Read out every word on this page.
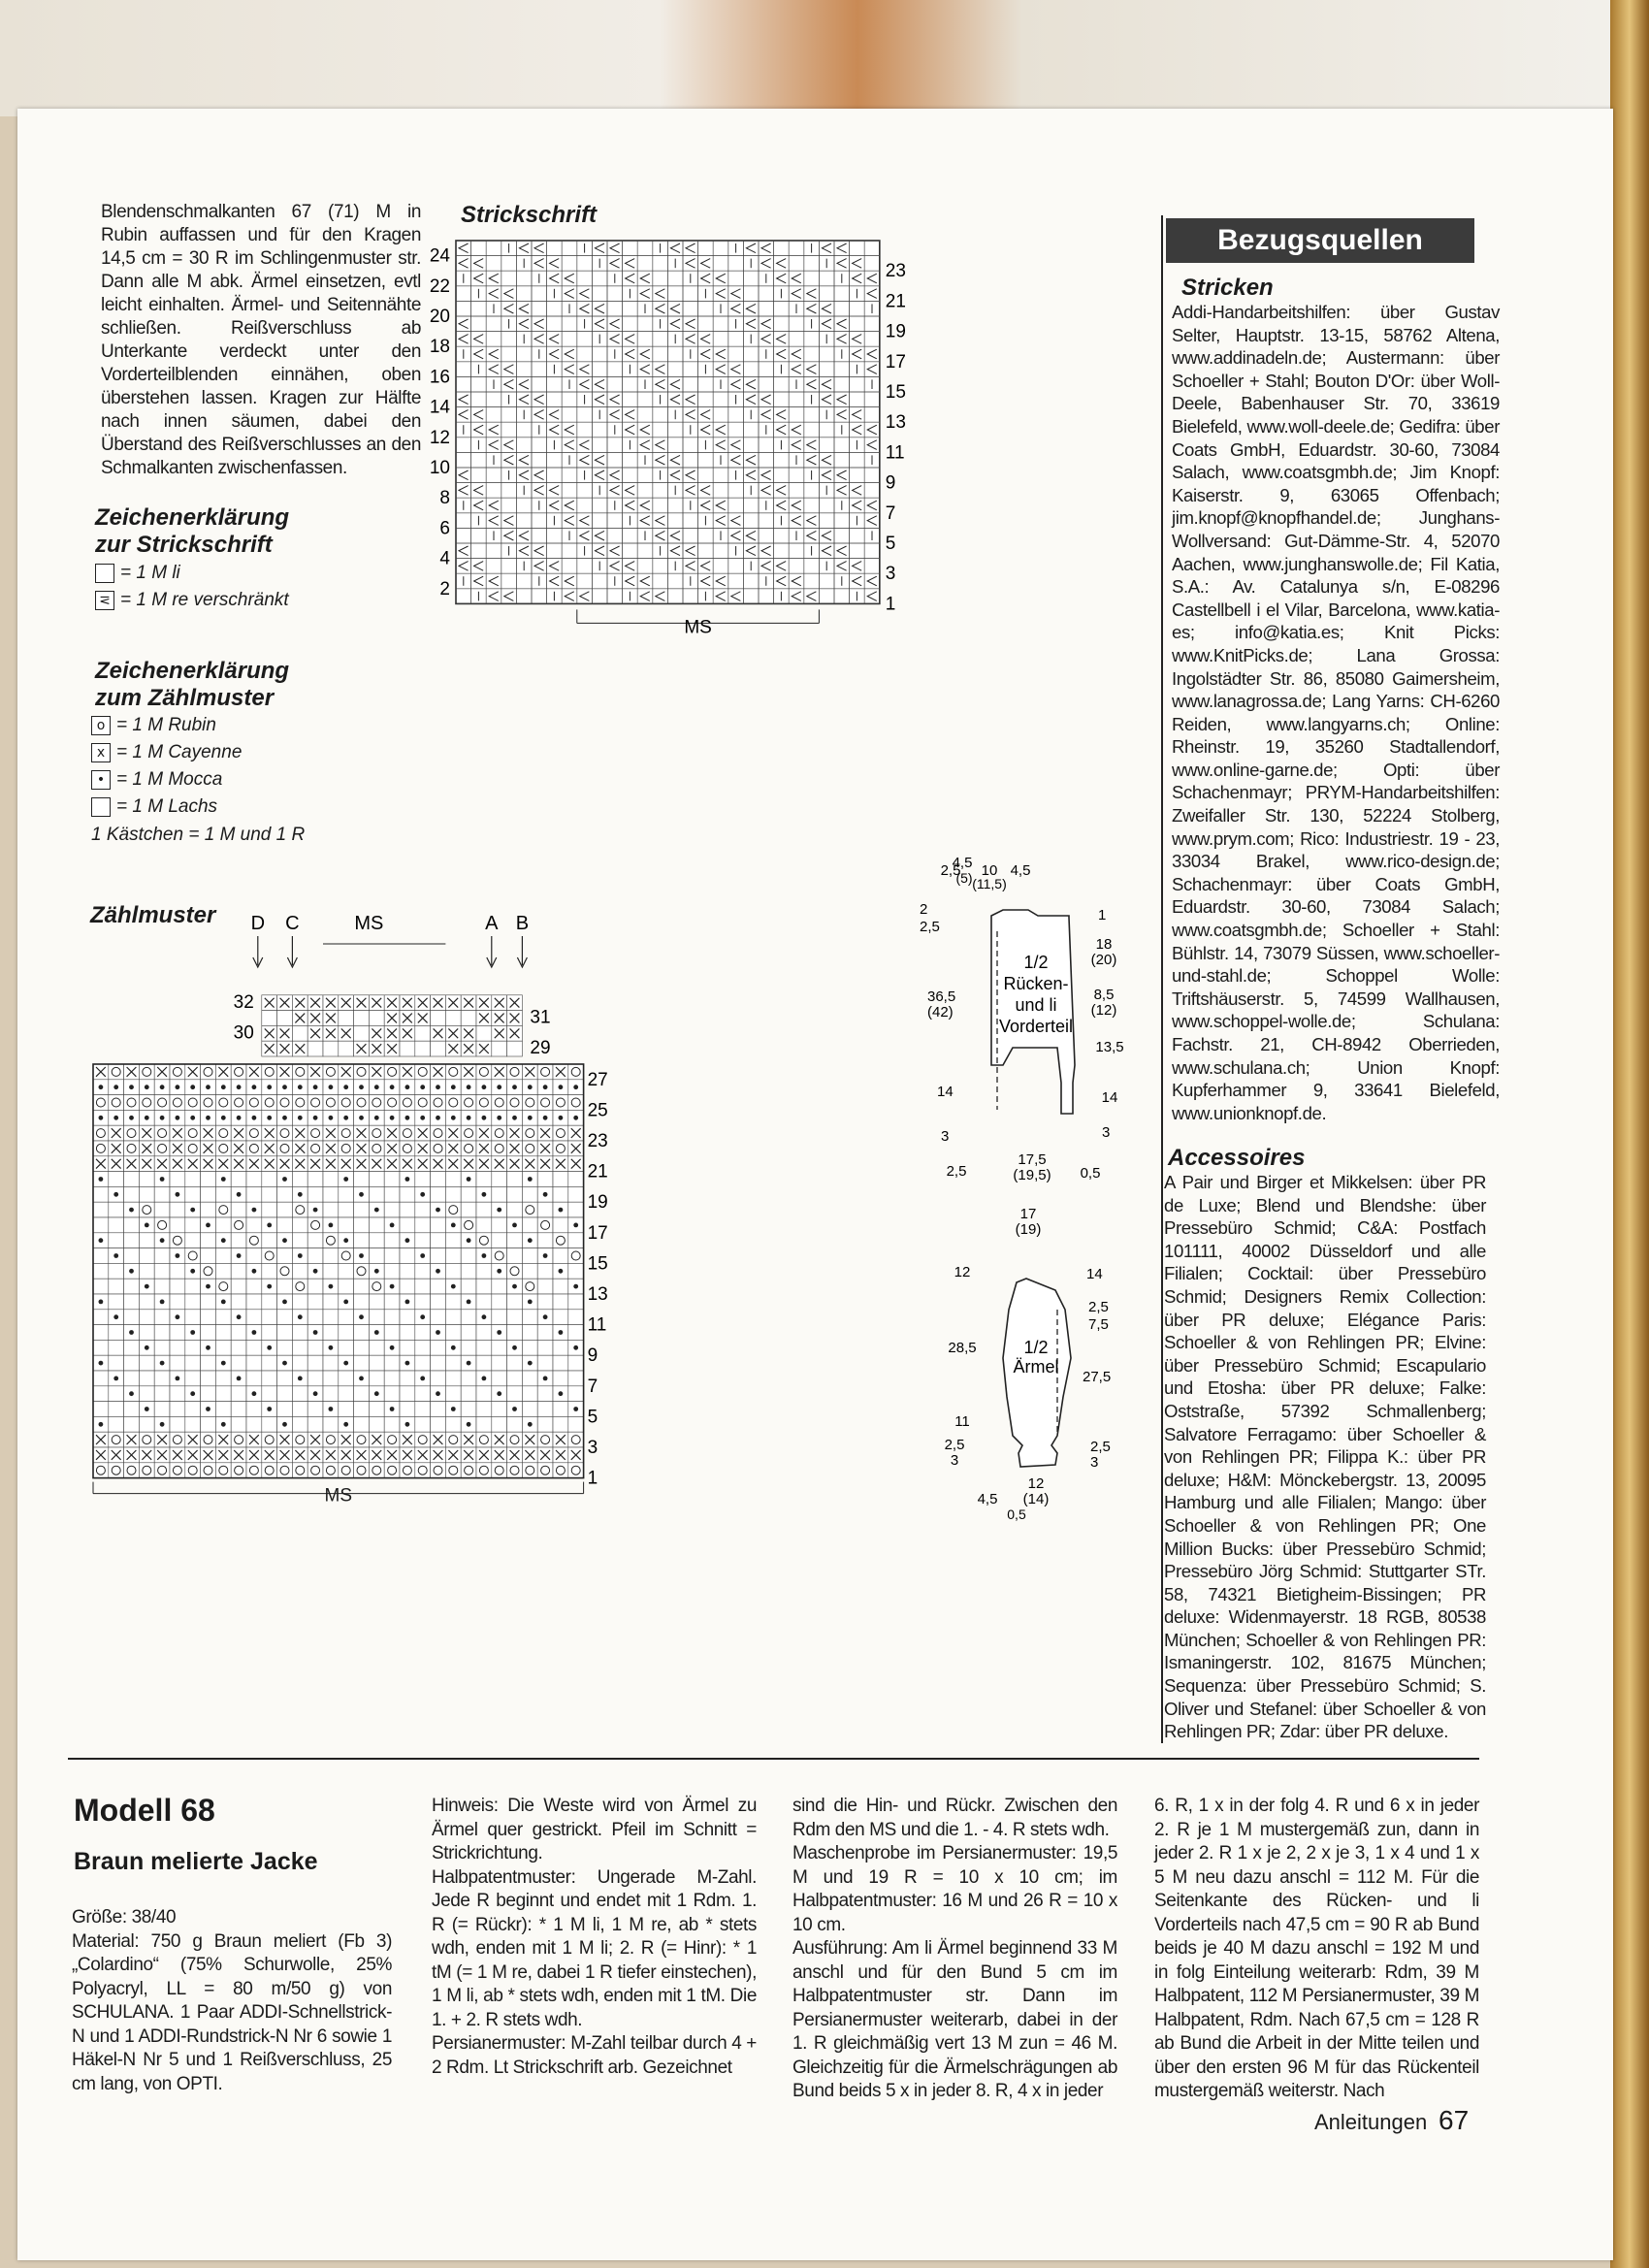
Blendenschmalkanten 67 (71) M in Rubin auffassen und für den Kragen 14,5 cm = 30 R im Schlingenmuster str. Dann alle M abk. Ärmel einsetzen, evtl leicht einhalten. Ärmel- und Seitennähte schließen. Reißverschluss ab Unterkante verdeckt unter den Vorderteilblenden einnähen, oben überstehen lassen. Kragen zur Hälfte nach innen säumen, dabei den Überstand des Reißverschlusses an den Schmalkanten zwischenfassen.
Zeichenerklärung zur Strickschrift
= 1 M li
⋜ = 1 M re verschränkt
Zeichenerklärung zum Zählmuster
o = 1 M Rubin
x = 1 M Cayenne
• = 1 M Mocca
= 1 M Lachs
1 Kästchen = 1 M und 1 R
Strickschrift
24
22
20
18
16
14
12
10
8
6
4
2
23
21
19
17
15
13
11
9
7
5
3
1
MS
Zählmuster
32
30
31
29
D C	MS	A B
27
25
23
21
19
17
15
13
11
9
7
5
3
1
MS
1/2
Rücken-
und li
Vorderteil
2,5
4,5
(5) 10
(11,5)
4,5
2
2,5
36,5
(42)
14
3
1
18
(20)
8,5
(12)
13,5
14
3
2,5
17,5
(19,5) 0,5
1/2
Ärmel
17
(19)
12
28,5
11
2,5
3
14
2,5
7,5
27,5
2,5
3
4,5
12
(14)
0,5
Bezugsquellen
Stricken
Addi-Handarbeitshilfen: über Gustav Selter, Hauptstr. 13-15, 58762 Altena, www.addinadeln.de; Austermann: über Schoeller + Stahl; Bouton D'Or: über Woll-Deele, Babenhauser Str. 70, 33619 Bielefeld, www.woll-deele.de; Gedifra: über Coats GmbH, Eduardstr. 30-60, 73084 Salach, www.coatsgmbh.de; Jim Knopf: Kaiserstr. 9, 63065 Offenbach; jim.knopf@knopfhandel.de; Junghans-Wollversand: Gut-Dämme-Str. 4, 52070 Aachen, www.junghanswolle.de; Fil Katia, S.A.: Av. Catalunya s/n, E-08296 Castellbell i el Vilar, Barcelona, www.katia-es; info@katia.es; Knit Picks: www.KnitPicks.de; Lana Grossa: Ingolstädter Str. 86, 85080 Gaimersheim, www.lanagrossa.de; Lang Yarns: CH-6260 Reiden, www.langyarns.ch; Online: Rheinstr. 19, 35260 Stadtallendorf, www.online-garne.de; Opti: über Schachenmayr; PRYM-Handarbeitshilfen: Zweifaller Str. 130, 52224 Stolberg, www.prym.com; Rico: Industriestr. 19 - 23, 33034 Brakel, www.rico-design.de; Schachenmayr: über Coats GmbH, Eduardstr. 30-60, 73084 Salach; www.coatsgmbh.de; Schoeller + Stahl: Bühlstr. 14, 73079 Süssen, www.schoeller-und-stahl.de; Schoppel Wolle: Triftshäuserstr. 5, 74599 Wallhausen, www.schoppel-wolle.de; Schulana: Fachstr. 21, CH-8942 Oberrieden, www.schulana.ch; Union Knopf: Kupferhammer 9, 33641 Bielefeld, www.unionknopf.de.
Accessoires
A Pair und Birger et Mikkelsen: über PR de Luxe; Blend und Blendshe: über Pressebüro Schmid; C&A: Postfach 101111, 40002 Düsseldorf und alle Filialen; Cocktail: über Pressebüro Schmid; Designers Remix Collection: über PR deluxe; Elégance Paris: Schoeller & von Rehlingen PR; Elvine: über Pressebüro Schmid; Escapulario und Etosha: über PR deluxe; Falke: Oststraße, 57392 Schmallenberg; Salvatore Ferragamo: über Schoeller & von Rehlingen PR; Filippa K.: über PR deluxe; H&M: Mönckebergstr. 13, 20095 Hamburg und alle Filialen; Mango: über Schoeller & von Rehlingen PR; One Million Bucks: über Pressebüro Schmid; Pressebüro Jörg Schmid: Stuttgarter STr. 58, 74321 Bietigheim-Bissingen; PR deluxe: Widenmayerstr. 18 RGB, 80538 München; Schoeller & von Rehlingen PR: Ismaningerstr. 102, 81675 München; Sequenza: über Pressebüro Schmid; S. Oliver und Stefanel: über Schoeller & von Rehlingen PR; Zdar: über PR deluxe.
Modell 68
Braun melierte Jacke
Größe: 38/40
Material: 750 g Braun meliert (Fb 3) „Colardino“ (75% Schurwolle, 25% Polyacryl, LL = 80 m/50 g) von SCHULANA. 1 Paar ADDI-Schnellstrick-N und 1 ADDI-Rundstrick-N Nr 6 sowie 1 Häkel-N Nr 5 und 1 Reißverschluss, 25 cm lang, von OPTI.
Hinweis: Die Weste wird von Ärmel zu Ärmel quer gestrickt. Pfeil im Schnitt = Strickrichtung.
Halbpatentmuster: Ungerade M-Zahl. Jede R beginnt und endet mit 1 Rdm. 1. R (= Rückr): * 1 M li, 1 M re, ab * stets wdh, enden mit 1 M li; 2. R (= Hinr): * 1 tM (= 1 M re, dabei 1 R tiefer einstechen), 1 M li, ab * stets wdh, enden mit 1 tM. Die 1. + 2. R stets wdh.
Persianermuster: M-Zahl teilbar durch 4 + 2 Rdm. Lt Strickschrift arb. Gezeichnet
sind die Hin- und Rückr. Zwischen den Rdm den MS und die 1. - 4. R stets wdh.
Maschenprobe im Persianermuster: 19,5 M und 19 R = 10 x 10 cm; im Halbpatentmuster: 16 M und 26 R = 10 x 10 cm.
Ausführung: Am li Ärmel beginnend 33 M anschl und für den Bund 5 cm im Halbpatentmuster str. Dann im Persianermuster weiterarb, dabei in der 1. R gleichmäßig vert 13 M zun = 46 M. Gleichzeitig für die Ärmelschrägungen ab Bund beids 5 x in jeder 8. R, 4 x in jeder
6. R, 1 x in der folg 4. R und 6 x in jeder 2. R je 1 M mustergemäß zun, dann in jeder 2. R 1 x je 2, 2 x je 3, 1 x 4 und 1 x 5 M neu dazu anschl = 112 M. Für die Seitenkante des Rücken- und li Vorderteils nach 47,5 cm = 90 R ab Bund beids je 40 M dazu anschl = 192 M und in folg Einteilung weiterarb: Rdm, 39 M Halbpatent, 112 M Persianermuster, 39 M Halbpatent, Rdm. Nach 67,5 cm = 128 R ab Bund die Arbeit in der Mitte teilen und über den ersten 96 M für das Rückenteil mustergemäß weiterstr. Nach
Anleitungen 67
